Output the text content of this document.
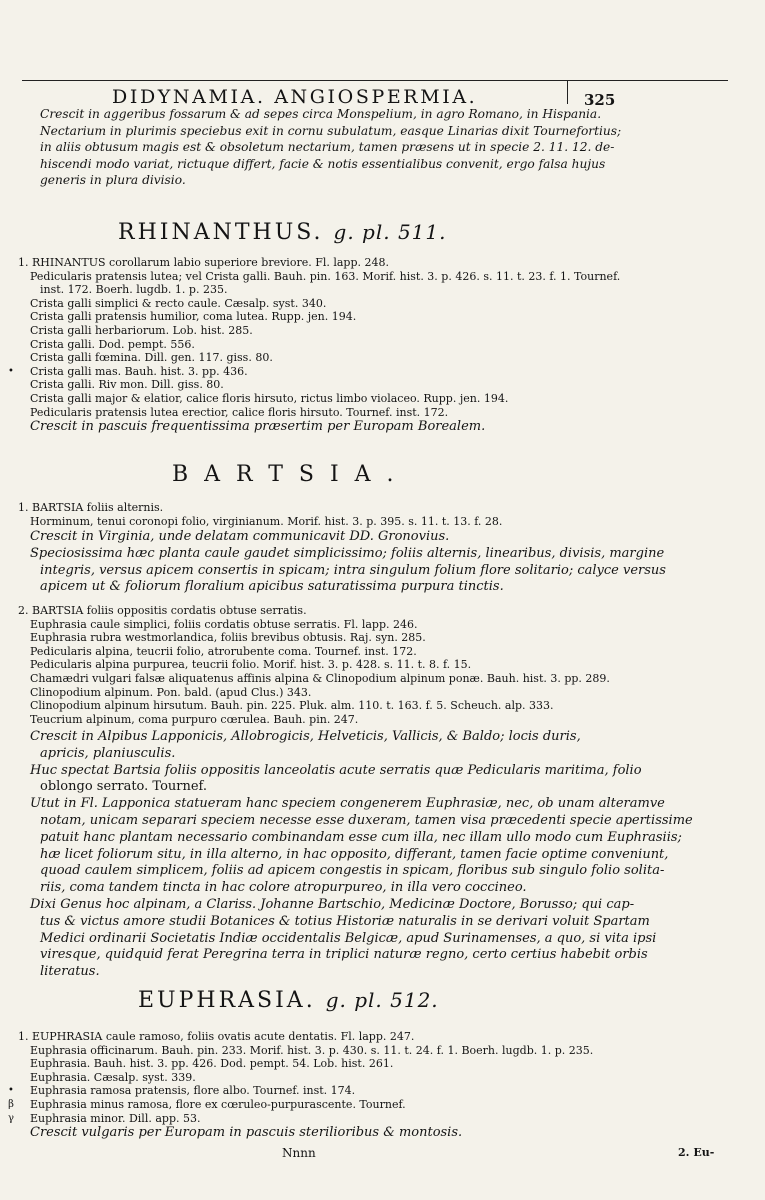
DIDYNAMIA. ANGIOSPERMIA.	325
Crescit in aggeribus fossarum & ad sepes circa Monspelium, in agro Romano, in Hispania.
Nectarium in plurimis speciebus exit in cornu subulatum, easque Linarias dixit Tournefortius;
in aliis obtusum magis est & obsoletum nectarium, tamen præsens ut in specie 2. 11. 12. de-
hiscendi modo variat, rictuque differt, facie & notis essentialibus convenit, ergo falsa hujus
generis in plura divisio.
RHINANTHUS. g. pl. 511.
1. RHINANTUS corollarum labio superiore breviore. Fl. lapp. 248.
Pedicularis pratensis lutea; vel Crista galli. Bauh. pin. 163. Morif. hist. 3. p. 426. s. 11. t. 23. f. 1. Tournef.
inst. 172. Boerh. lugdb. 1. p. 235.
Crista galli simplici & recto caule. Cæsalp. syst. 340.
Crista galli pratensis humilior, coma lutea. Rupp. jen. 194.
Crista galli herbariorum. Lob. hist. 285.
Crista galli. Dod. pempt. 556.
Crista galli fœmina. Dill. gen. 117. giss. 80.
• Crista galli mas. Bauh. hist. 3. pp. 436.
Crista galli. Riv mon. Dill. giss. 80.
Crista galli major & elatior, calice floris hirsuto, rictus limbo violaceo. Rupp. jen. 194.
Pedicularis pratensis lutea erectior, calice floris hirsuto. Tournef. inst. 172.
Crescit in pascuis frequentissima præsertim per Europam Borealem.
BARTSIA.
1. BARTSIA foliis alternis.
Horminum, tenui coronopi folio, virginianum. Morif. hist. 3. p. 395. s. 11. t. 13. f. 28.
Crescit in Virginia, unde delatam communicavit DD. Gronovius.
Speciosissima hæc planta caule gaudet simplicissimo; foliis alternis, linearibus, divisis, margine
integris, versus apicem consertis in spicam; intra singulum folium flore solitario; calyce versus
apicem ut & foliorum floralium apicibus saturatissima purpura tinctis.
2. BARTSIA foliis oppositis cordatis obtuse serratis.
Euphrasia caule simplici, foliis cordatis obtuse serratis. Fl. lapp. 246.
Euphrasia rubra westmorlandica, foliis brevibus obtusis. Raj. syn. 285.
Pedicularis alpina, teucrii folio, atrorubente coma. Tournef. inst. 172.
Pedicularis alpina purpurea, teucrii folio. Morif. hist. 3. p. 428. s. 11. t. 8. f. 15.
Chamædri vulgari falsæ aliquatenus affinis alpina & Clinopodium alpinum ponæ. Bauh. hist. 3. pp. 289.
Clinopodium alpinum. Pon. bald. (apud Clus.) 343.
Clinopodium alpinum hirsutum. Bauh. pin. 225. Pluk. alm. 110. t. 163. f. 5. Scheuch. alp. 333.
Teucrium alpinum, coma purpuro cœrulea. Bauh. pin. 247.
Crescit in Alpibus Lapponicis, Allobrogicis, Helveticis, Vallicis, & Baldo; locis duris,
apricis, planiusculis.
Huc spectat Bartsia foliis oppositis lanceolatis acute serratis quæ Pedicularis maritima, folio
oblongo serrato. Tournef.
Utut in Fl. Lapponica statueram hanc speciem congenerem Euphrasiæ, nec, ob unam alteramve
notam, unicam separari speciem necesse esse duxeram, tamen visa præcedenti specie apertissime
patuit hanc plantam necessario combinandam esse cum illa, nec illam ullo modo cum Euphrasiis;
hæ licet foliorum situ, in illa alterno, in hac opposito, differant, tamen facie optime conveniunt,
quoad caulem simplicem, foliis ad apicem congestis in spicam, floribus sub singulo folio solita-
riis, coma tandem tincta in hac colore atropurpureo, in illa vero coccineo.
Dixi Genus hoc alpinam, a Clariss. Johanne Bartschio, Medicinæ Doctore, Borusso; qui cap-
tus & victus amore studii Botanices & totius Historiæ naturalis in se derivari voluit Spartam
Medici ordinarii Societatis Indiæ occidentalis Belgicæ, apud Surinamenses, a quo, si vita ipsi
viresque, quidquid ferat Peregrina terra in triplici naturæ regno, certo certius habebit orbis
literatus.
EUPHRASIA. g. pl. 512.
1. EUPHRASIA caule ramoso, foliis ovatis acute dentatis. Fl. lapp. 247.
Euphrasia officinarum. Bauh. pin. 233. Morif. hist. 3. p. 430. s. 11. t. 24. f. 1. Boerh. lugdb. 1. p. 235.
Euphrasia. Bauh. hist. 3. pp. 426. Dod. pempt. 54. Lob. hist. 261.
Euphrasia. Cæsalp. syst. 339.
• Euphrasia ramosa pratensis, flore albo. Tournef. inst. 174.
β Euphrasia minus ramosa, flore ex cœruleo-purpurascente. Tournef.
γ Euphrasia minor. Dill. app. 53.
Crescit vulgaris per Europam in pascuis sterilioribus & montosis.
Nnnn	2. Eu-
